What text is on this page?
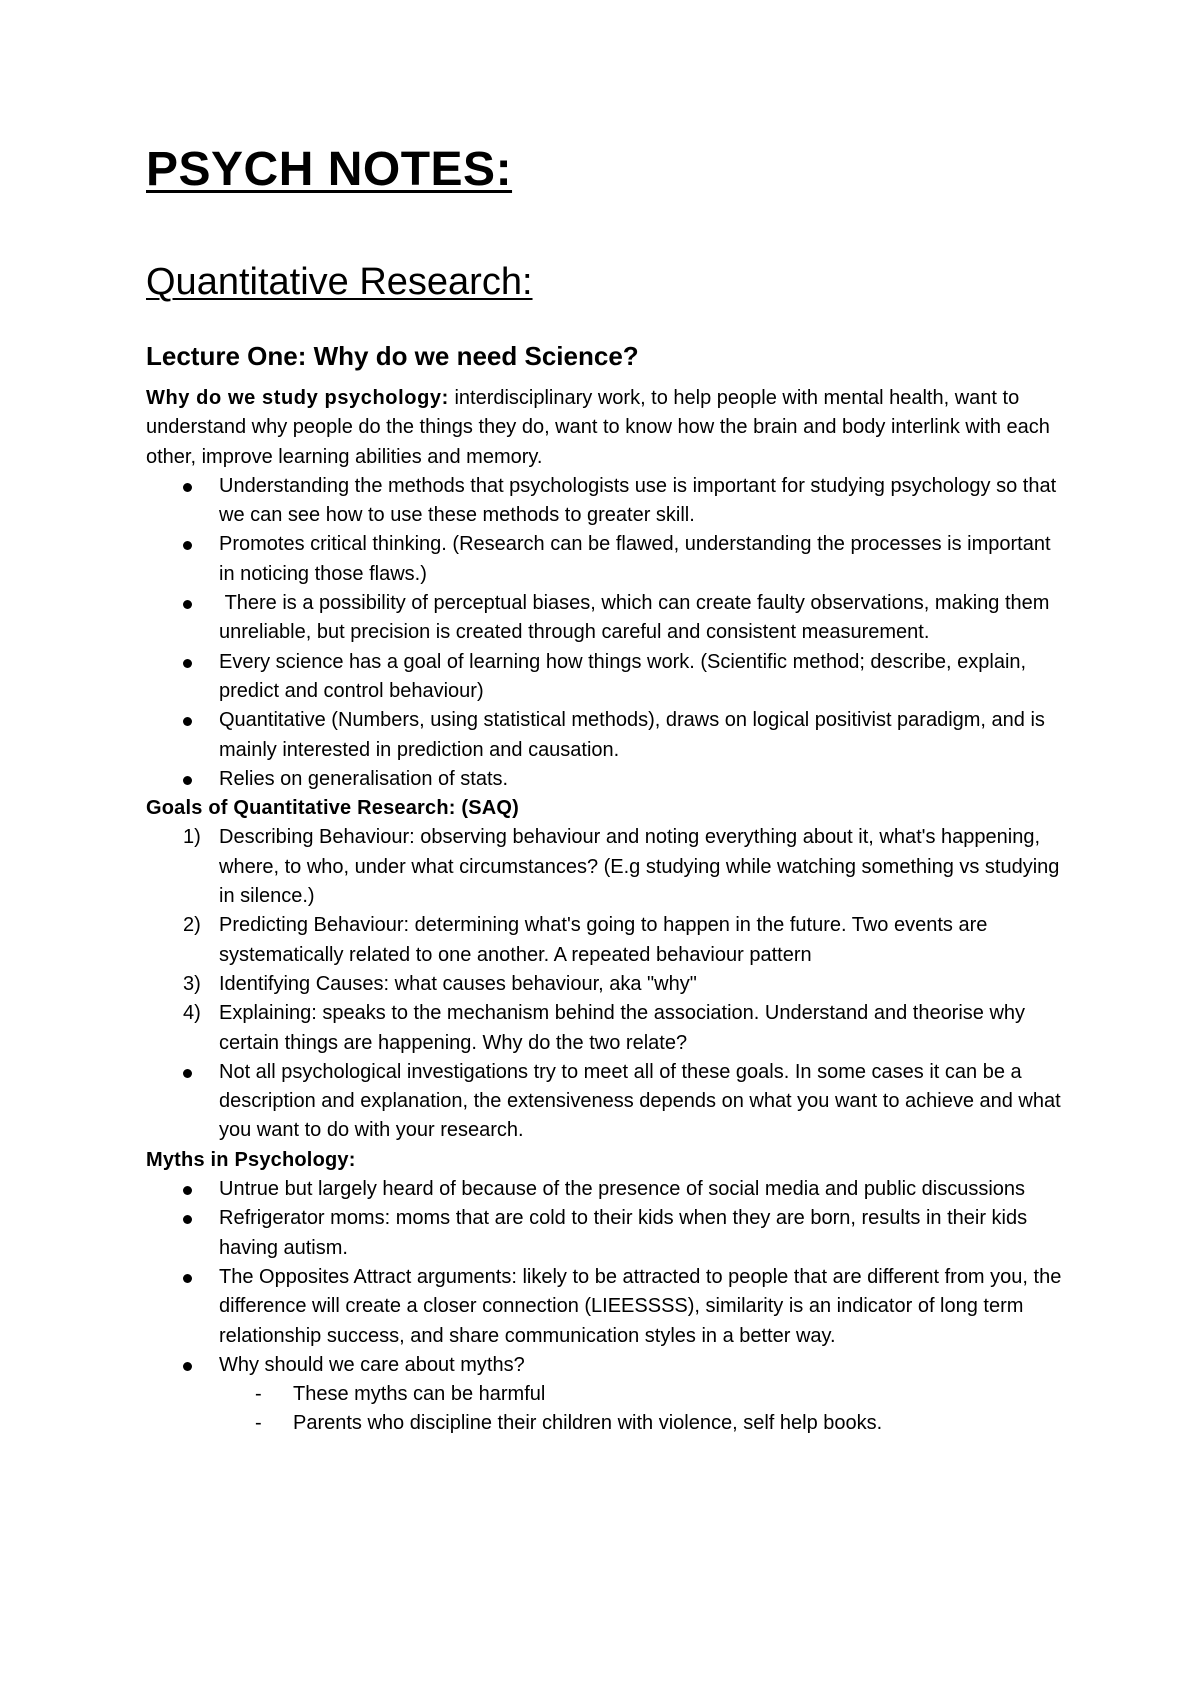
PSYCH NOTES:
Quantitative Research:
Lecture One: Why do we need Science?

Why do we study psychology: interdisciplinary work, to help people with mental health, want to understand why people do the things they do, want to know how the brain and body interlink with each other, improve learning abilities and memory.

Understanding the methods that psychologists use is important for studying psychology so that we can see how to use these methods to greater skill.
Promotes critical thinking. (Research can be flawed, understanding the processes is important in noticing those flaws.)
There is a possibility of perceptual biases, which can create faulty observations, making them unreliable, but precision is created through careful and consistent measurement.
Every science has a goal of learning how things work. (Scientific method; describe, explain, predict and control behaviour)
Quantitative (Numbers, using statistical methods), draws on logical positivist paradigm, and is mainly interested in prediction and causation.
Relies on generalisation of stats.

Goals of Quantitative Research: (SAQ)

1) Describing Behaviour: observing behaviour and noting everything about it, what's happening, where, to who, under what circumstances? (E.g studying while watching something vs studying in silence.)
2) Predicting Behaviour: determining what's going to happen in the future. Two events are systematically related to one another. A repeated behaviour pattern
3) Identifying Causes: what causes behaviour, aka "why"
4) Explaining: speaks to the mechanism behind the association. Understand and theorise why certain things are happening. Why do the two relate?
Not all psychological investigations try to meet all of these goals. In some cases it can be a description and explanation, the extensiveness depends on what you want to achieve and what you want to do with your research.

Myths in Psychology:

Untrue but largely heard of because of the presence of social media and public discussions
Refrigerator moms: moms that are cold to their kids when they are born, results in their kids having autism.
The Opposites Attract arguments: likely to be attracted to people that are different from you, the difference will create a closer connection (LIEESSSS), similarity is an indicator of long term relationship success, and share communication styles in a better way.
Why should we care about myths?
- These myths can be harmful
- Parents who discipline their children with violence, self help books.
